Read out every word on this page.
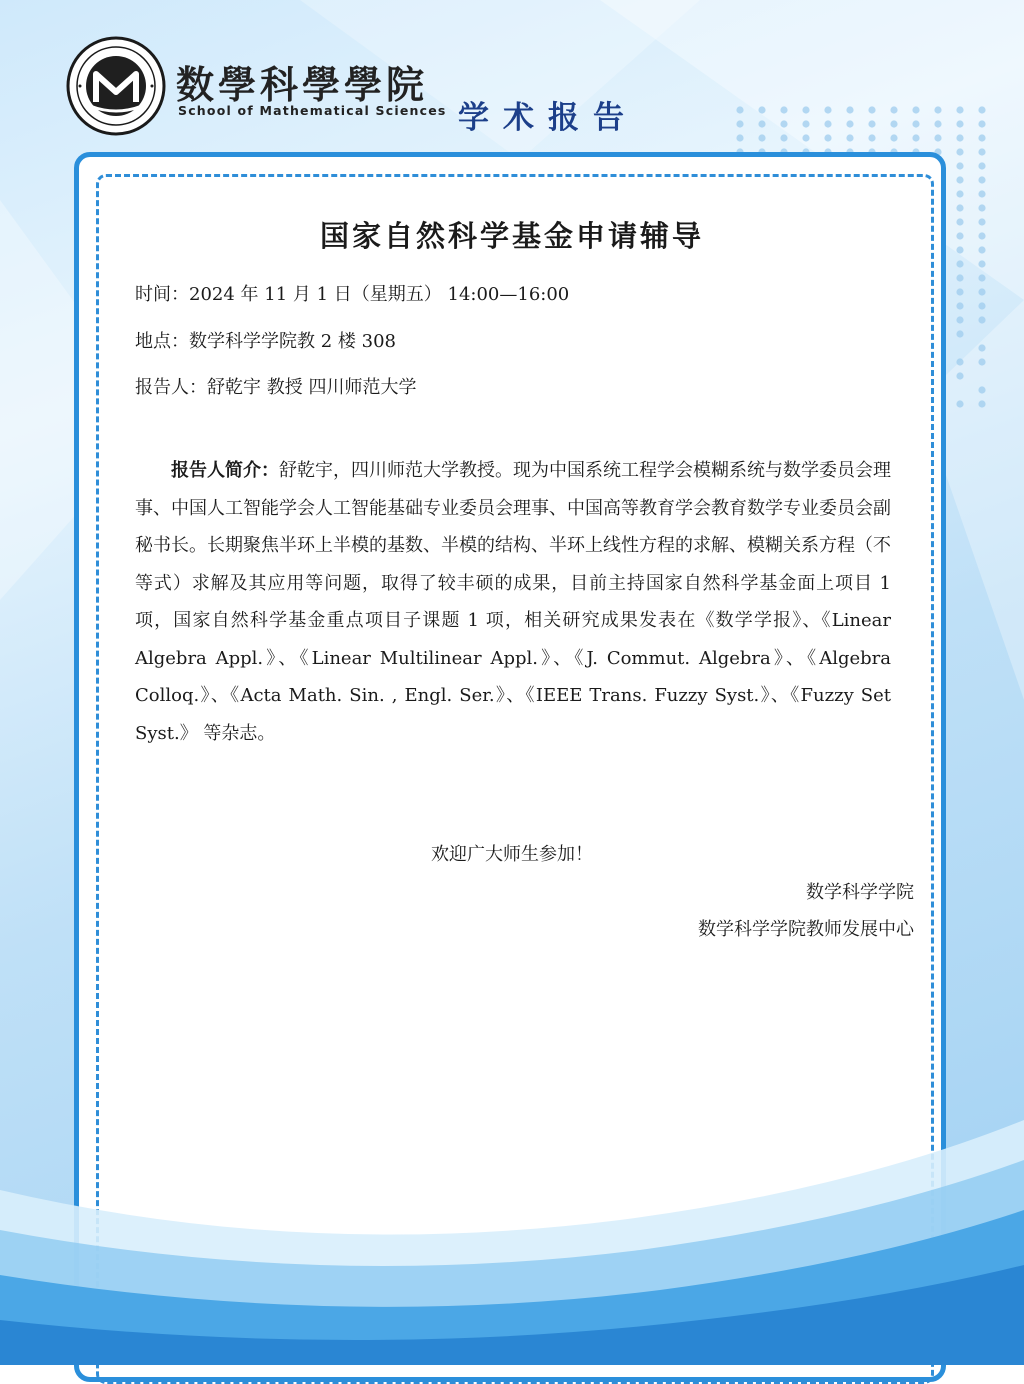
数學科學學院
School of Mathematical Sciences 学术报告
国家自然科学基金申请辅导
时间：2024 年 11 月 1 日（星期五） 14:00—16:00
地点：数学科学学院教 2 楼 308
报告人：舒乾宇 教授 四川师范大学

报告人简介：舒乾宇，四川师范大学教授。现为中国系统工程学会模糊系统与数学委员会理事、中国人工智能学会人工智能基础专业委员会理事、中国高等教育学会教育数学专业委员会副秘书长。长期聚焦半环上半模的基数、半模的结构、半环上线性方程的求解、模糊关系方程（不等式）求解及其应用等问题，取得了较丰硕的成果，目前主持国家自然科学基金面上项目 1 项，国家自然科学基金重点项目子课题 1 项，相关研究成果发表在《数学学报》、《Linear Algebra Appl.》、《Linear Multilinear Appl.》、《J. Commut. Algebra》、《Algebra Colloq.》、《Acta Math. Sin. , Engl. Ser.》、《IEEE Trans. Fuzzy Syst.》、《Fuzzy Set Syst.》 等杂志。

欢迎广大师生参加！
数学科学学院
数学科学学院教师发展中心
